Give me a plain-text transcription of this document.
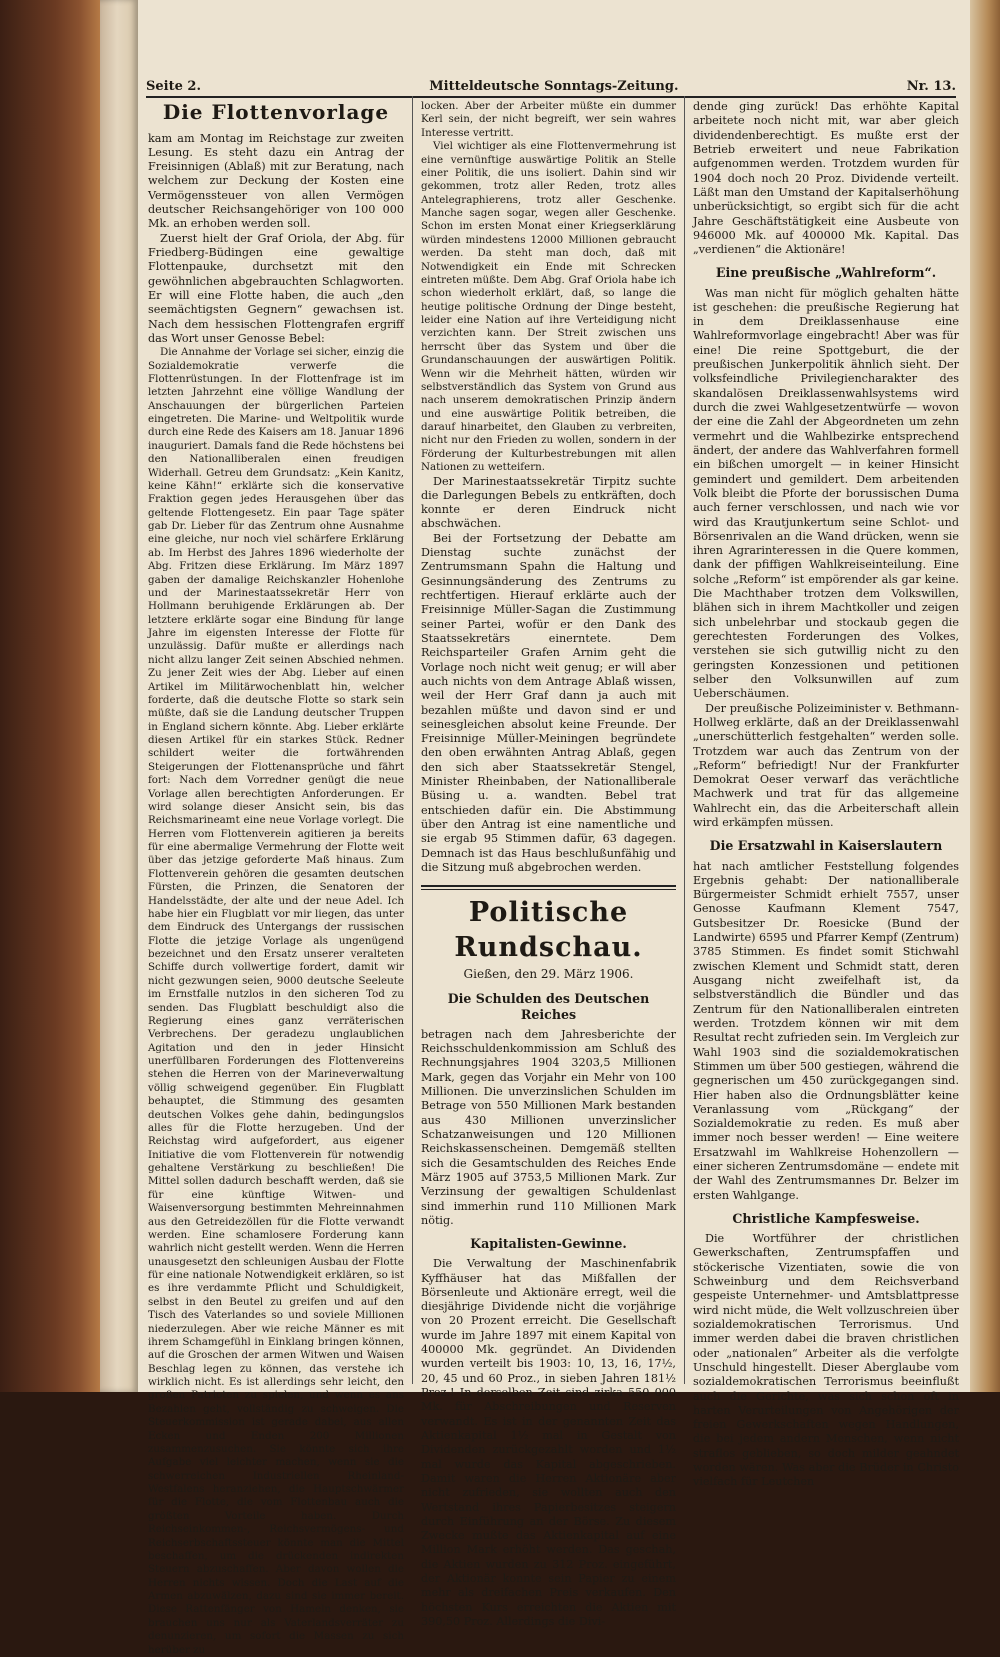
Seite 2.	Mitteldeutsche Sonntags-Zeitung.	Nr. 13.
Die Flottenvorlage

kam am Montag im Reichstage zur zweiten Lesung. Es steht dazu ein Antrag der Freisinnigen (Ablaß) mit zur Beratung, nach welchem zur Deckung der Kosten eine Vermögenssteuer von allen Vermögen deutscher Reichsangehöriger von 100 000 Mk. an erhoben werden soll.

Zuerst hielt der Graf Oriola, der Abg. für Friedberg-Büdingen eine gewaltige Flottenpauke, durchsetzt mit den gewöhnlichen abgebrauchten Schlagworten. Er will eine Flotte haben, die auch „den seemächtigsten Gegnern“ gewachsen ist. Nach dem hessischen Flottengrafen ergriff das Wort unser Genosse Bebel:

Die Annahme der Vorlage sei sicher, einzig die Sozialdemokratie verwerfe die Flottenrüstungen. In der Flottenfrage ist im letzten Jahrzehnt eine völlige Wandlung der Anschauungen der bürgerlichen Parteien eingetreten. Die Marine- und Weltpolitik wurde durch eine Rede des Kaisers am 18. Januar 1896 inauguriert. Damals fand die Rede höchstens bei den Nationalliberalen einen freudigen Widerhall. Getreu dem Grundsatz: „Kein Kanitz, keine Kähn!“ erklärte sich die konservative Fraktion gegen jedes Herausgehen über das geltende Flottengesetz. Ein paar Tage später gab Dr. Lieber für das Zentrum ohne Ausnahme eine gleiche, nur noch viel schärfere Erklärung ab. Im Herbst des Jahres 1896 wiederholte der Abg. Fritzen diese Erklärung. Im März 1897 gaben der damalige Reichskanzler Hohenlohe und der Marinestaatssekretär Herr von Hollmann beruhigende Erklärungen ab. Der letztere erklärte sogar eine Bindung für lange Jahre im eigensten Interesse der Flotte für unzulässig. Dafür mußte er allerdings nach nicht allzu langer Zeit seinen Abschied nehmen. Zu jener Zeit wies der Abg. Lieber auf einen Artikel im Militärwochenblatt hin, welcher forderte, daß die deutsche Flotte so stark sein müßte, daß sie die Landung deutscher Truppen in England sichern könnte. Abg. Lieber erklärte diesen Artikel für ein starkes Stück. Redner schildert weiter die fortwährenden Steigerungen der Flottenansprüche und fährt fort: Nach dem Vorredner genügt die neue Vorlage allen berechtigten Anforderungen. Er wird solange dieser Ansicht sein, bis das Reichsmarineamt eine neue Vorlage vorlegt. Die Herren vom Flottenverein agitieren ja bereits für eine abermalige Vermehrung der Flotte weit über das jetzige geforderte Maß hinaus. Zum Flottenverein gehören die gesamten deutschen Fürsten, die Prinzen, die Senatoren der Handelsstädte, der alte und der neue Adel. Ich habe hier ein Flugblatt vor mir liegen, das unter dem Eindruck des Untergangs der russischen Flotte die jetzige Vorlage als ungenügend bezeichnet und den Ersatz unserer veralteten Schiffe durch vollwertige fordert, damit wir nicht gezwungen seien, 9000 deutsche Seeleute im Ernstfalle nutzlos in den sicheren Tod zu senden. Das Flugblatt beschuldigt also die Regierung eines ganz verräterischen Verbrechens. Der geradezu unglaublichen Agitation und den in jeder Hinsicht unerfüllbaren Forderungen des Flottenvereins stehen die Herren von der Marineverwaltung völlig schweigend gegenüber. Ein Flugblatt behauptet, die Stimmung des gesamten deutschen Volkes gehe dahin, bedingungslos alles für die Flotte herzugeben. Und der Reichstag wird aufgefordert, aus eigener Initiative die vom Flottenverein für notwendig gehaltene Verstärkung zu beschließen! Die Mittel sollen dadurch beschafft werden, daß sie für eine künftige Witwen- und Waisenversorgung bestimmten Mehreinnahmen aus den Getreidezöllen für die Flotte verwandt werden. Eine schamlosere Forderung kann wahrlich nicht gestellt werden. Wenn die Herren unausgesetzt den schleunigen Ausbau der Flotte für eine nationale Notwendigkeit erklären, so ist es ihre verdammte Pflicht und Schuldigkeit, selbst in den Beutel zu greifen und auf den Tisch des Vaterlandes so und soviele Millionen niederzulegen. Aber wie reiche Männer es mit ihrem Schamgefühl in Einklang bringen können, auf die Groschen der armen Witwen und Waisen Beschlag legen zu können, das verstehe ich wirklich nicht. Es ist allerdings sehr leicht, den großen Patrioten zu spielen, und wenn es ans Bezahlen geht, vollständig zu schweigen. Die Steuerkommission ist gerade dabei, aus allen Ecken und Enden 200 Millionen zusammenzusuchen. Sie könnte sich ihre Aufgabe viel leichter machen, wenn sie die schwerreichen Industriellen Rheinland-Westfalens heranziehen, die Hauptschwärmer für die Flotte, die vom Flottenbau auch die größten Vorteile haben. Durch Reichseinkommen-, Reichsvermögens- und Reichserbschaftssteuer könnte man die Mittel beschaffen, um die drückenden indirekten Steuern abzuschaffen. Aber davon wollen die Herren nichts wissen. Doch die Last auf die Armen abzuwälzen, dazu sind sie immer bereit. Diese Rattenfänger von Hameln denken, sie brauchen uns nur als Vaterlandsverräter zu denunzieren, um sofort die Massen zu sich herüber zu

locken. Aber der Arbeiter müßte ein dummer Kerl sein, der nicht begreift, wer sein wahres Interesse vertritt.

Viel wichtiger als eine Flottenvermehrung ist eine vernünftige auswärtige Politik an Stelle einer Politik, die uns isoliert. Dahin sind wir gekommen, trotz aller Reden, trotz alles Antelegraphierens, trotz aller Geschenke. Manche sagen sogar, wegen aller Geschenke. Schon im ersten Monat einer Kriegserklärung würden mindestens 12000 Millionen gebraucht werden. Da steht man doch, daß mit Notwendigkeit ein Ende mit Schrecken eintreten müßte. Dem Abg. Graf Oriola habe ich schon wiederholt erklärt, daß, so lange die heutige politische Ordnung der Dinge besteht, leider eine Nation auf ihre Verteidigung nicht verzichten kann. Der Streit zwischen uns herrscht über das System und über die Grundanschauungen der auswärtigen Politik. Wenn wir die Mehrheit hätten, würden wir selbstverständlich das System von Grund aus nach unserem demokratischen Prinzip ändern und eine auswärtige Politik betreiben, die darauf hinarbeitet, den Glauben zu verbreiten, nicht nur den Frieden zu wollen, sondern in der Förderung der Kulturbestrebungen mit allen Nationen zu wetteifern.

Der Marinestaatssekretär Tirpitz suchte die Darlegungen Bebels zu entkräften, doch konnte er deren Eindruck nicht abschwächen.

Bei der Fortsetzung der Debatte am Dienstag suchte zunächst der Zentrumsmann Spahn die Haltung und Gesinnungsänderung des Zentrums zu rechtfertigen. Hierauf erklärte auch der Freisinnige Müller-Sagan die Zustimmung seiner Partei, wofür er den Dank des Staatssekretärs einerntete. Dem Reichsparteiler Grafen Arnim geht die Vorlage noch nicht weit genug; er will aber auch nichts von dem Antrage Ablaß wissen, weil der Herr Graf dann ja auch mit bezahlen müßte und davon sind er und seinesgleichen absolut keine Freunde. Der Freisinnige Müller-Meiningen begründete den oben erwähnten Antrag Ablaß, gegen den sich aber Staatssekretär Stengel, Minister Rheinbaben, der Nationalliberale Büsing u. a. wandten. Bebel trat entschieden dafür ein. Die Abstimmung über den Antrag ist eine namentliche und sie ergab 95 Stimmen dafür, 63 dagegen. Demnach ist das Haus beschlußunfähig und die Sitzung muß abgebrochen werden.

Politische Rundschau.
Gießen, den 29. März 1906.
Die Schulden des Deutschen Reiches

betragen nach dem Jahresberichte der Reichsschuldenkommission am Schluß des Rechnungsjahres 1904 3203,5 Millionen Mark, gegen das Vorjahr ein Mehr von 100 Millionen. Die unverzinslichen Schulden im Betrage von 550 Millionen Mark bestanden aus 430 Millionen unverzinslicher Schatzanweisungen und 120 Millionen Reichskassenscheinen. Demgemäß stellten sich die Gesamtschulden des Reiches Ende März 1905 auf 3753,5 Millionen Mark. Zur Verzinsung der gewaltigen Schuldenlast sind immerhin rund 110 Millionen Mark nötig.

Kapitalisten-Gewinne.

Die Verwaltung der Maschinenfabrik Kyffhäuser hat das Mißfallen der Börsenleute und Aktionäre erregt, weil die diesjährige Dividende nicht die vorjährige von 20 Prozent erreicht. Die Gesellschaft wurde im Jahre 1897 mit einem Kapital von 400000 Mk. gegründet. An Dividenden wurden verteilt bis 1903: 10, 13, 16, 17½, 20, 45 und 60 Proz., in sieben Jahren 181½ Proz.! In derselben Zeit sind zirka 550 000 Mk. für Abschreibungen und Reserven verwandt. Es ist in der genannten Zeit das Aktienkapital 1½ mal in Gestalt von Dividenden zurückgezahlt worden und 1½ mal wurde das Kapital abgeschrieben. Damit waren die Herren Aktionäre aber nicht zufrieden, sie wollten auch den Wertstand ihres Papierbesitzes steigern durch Einführung an der Börse. Zu diesem Zwecke mußte das Aktienkapital auf eine Million Mark erhöht werden. Das geschah, die Aktien wurden zu 312 Proz. eingeführt, der Aktionär konnte sein Papier zu einem mehr als dreifachen Preis verkaufen. Den höchsten Kurs erreichten die Aktien mit 390,50 Proz. Allerdings die Divi-

dende ging zurück! Das erhöhte Kapital arbeitete noch nicht mit, war aber gleich dividendenberechtigt. Es mußte erst der Betrieb erweitert und neue Fabrikation aufgenommen werden. Trotzdem wurden für 1904 doch noch 20 Proz. Dividende verteilt. Läßt man den Umstand der Kapitalserhöhung unberücksichtigt, so ergibt sich für die acht Jahre Geschäftstätigkeit eine Ausbeute von 946000 Mk. auf 400000 Mk. Kapital. Das „verdienen“ die Aktionäre!

Eine preußische „Wahlreform“.

Was man nicht für möglich gehalten hätte ist geschehen: die preußische Regierung hat in dem Dreiklassenhause eine Wahlreformvorlage eingebracht! Aber was für eine! Die reine Spottgeburt, die der preußischen Junkerpolitik ähnlich sieht. Der volksfeindliche Privilegiencharakter des skandalösen Dreiklassenwahlsystems wird durch die zwei Wahlgesetzentwürfe — wovon der eine die Zahl der Abgeordneten um zehn vermehrt und die Wahlbezirke entsprechend ändert, der andere das Wahlverfahren formell ein bißchen umorgelt — in keiner Hinsicht gemindert und gemildert. Dem arbeitenden Volk bleibt die Pforte der borussischen Duma auch ferner verschlossen, und nach wie vor wird das Krautjunkertum seine Schlot- und Börsenrivalen an die Wand drücken, wenn sie ihren Agrarinteressen in die Quere kommen, dank der pfiffigen Wahlkreiseinteilung. Eine solche „Reform“ ist empörender als gar keine. Die Machthaber trotzen dem Volkswillen, blähen sich in ihrem Machtkoller und zeigen sich unbelehrbar und stockaub gegen die gerechtesten Forderungen des Volkes, verstehen sie sich gutwillig nicht zu den geringsten Konzessionen und petitionen selber den Volksunwillen auf zum Ueberschäumen.

Der preußische Polizeiminister v. Bethmann-Hollweg erklärte, daß an der Dreiklassenwahl „unerschütterlich festgehalten“ werden solle. Trotzdem war auch das Zentrum von der „Reform“ befriedigt! Nur der Frankfurter Demokrat Oeser verwarf das verächtliche Machwerk und trat für das allgemeine Wahlrecht ein, das die Arbeiterschaft allein wird erkämpfen müssen.

Die Ersatzwahl in Kaiserslautern

hat nach amtlicher Feststellung folgendes Ergebnis gehabt: Der nationalliberale Bürgermeister Schmidt erhielt 7557, unser Genosse Kaufmann Klement 7547, Gutsbesitzer Dr. Roesicke (Bund der Landwirte) 6595 und Pfarrer Kempf (Zentrum) 3785 Stimmen. Es findet somit Stichwahl zwischen Klement und Schmidt statt, deren Ausgang nicht zweifelhaft ist, da selbstverständlich die Bündler und das Zentrum für den Nationalliberalen eintreten werden. Trotzdem können wir mit dem Resultat recht zufrieden sein. Im Vergleich zur Wahl 1903 sind die sozialdemokratischen Stimmen um über 500 gestiegen, während die gegnerischen um 450 zurückgegangen sind. Hier haben also die Ordnungsblätter keine Veranlassung vom „Rückgang“ der Sozialdemokratie zu reden. Es muß aber immer noch besser werden! — Eine weitere Ersatzwahl im Wahlkreise Hohenzollern — einer sicheren Zentrumsdomäne — endete mit der Wahl des Zentrumsmannes Dr. Belzer im ersten Wahlgange.

Christliche Kampfesweise.

Die Wortführer der christlichen Gewerkschaften, Zentrumspfaffen und stöckerische Vizentiaten, sowie die von Schweinburg und dem Reichsverband gespeiste Unternehmer- und Amtsblattpresse wird nicht müde, die Welt vollzuschreien über sozialdemokratischen Terrorismus. Und immer werden dabei die braven christlichen oder „nationalen“ Arbeiter als die verfolgte Unschuld hingestellt. Dieser Aberglaube vom sozialdemokratischen Terrorismus beeinflußt auch die Gerichte, was sich schon oft in harten Verurteilungen von Angehörigen der freien Gewerkschaften wegen Handlungen, die bei jedem andern Menschen, wenn nicht straflos geblieben, so doch milder geahndet worden wären. Was aber die Brüder in Christo vielfach für Leutchen
